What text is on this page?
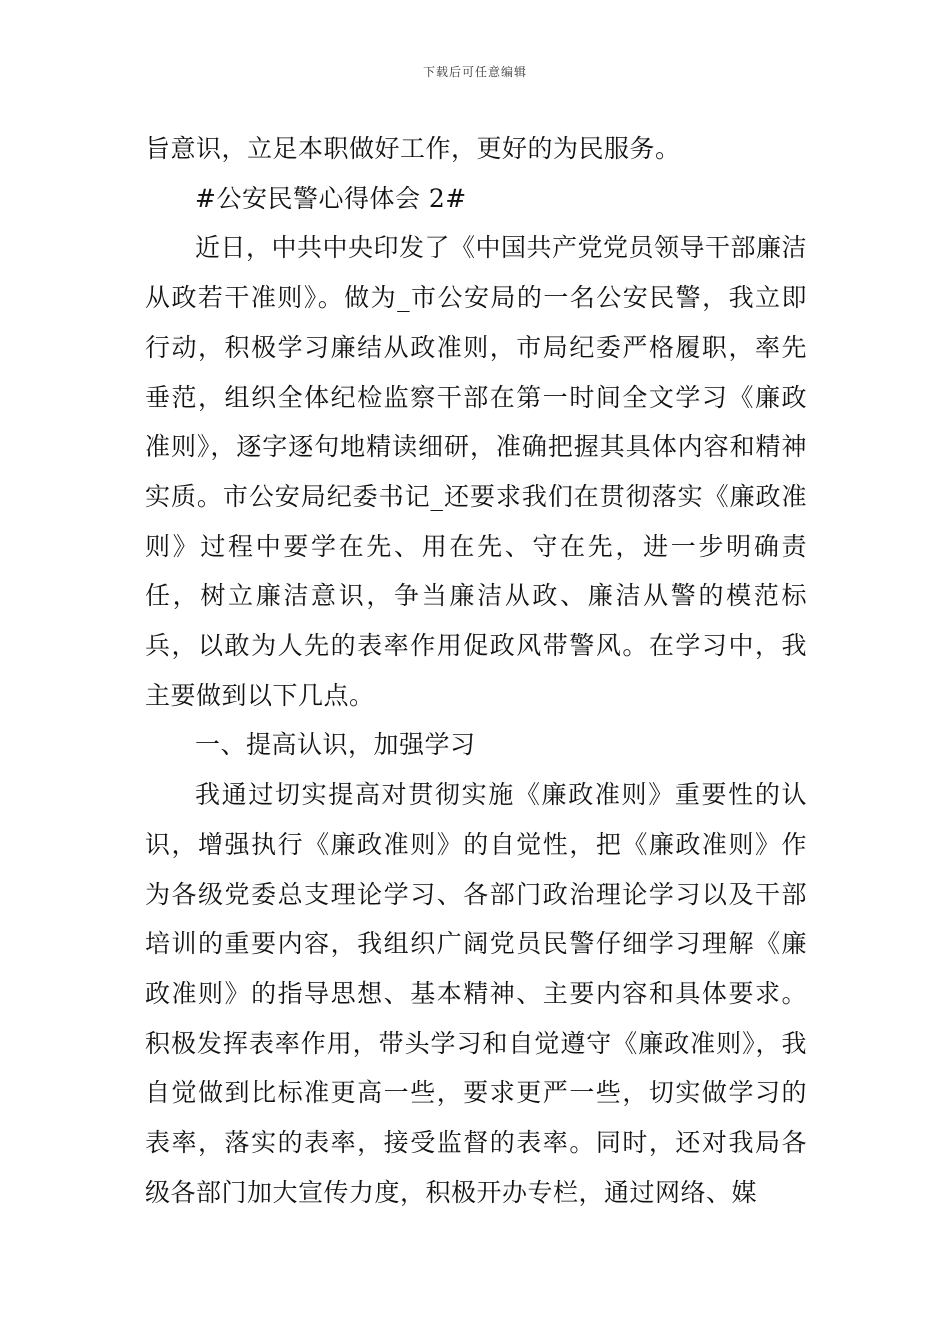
下载后可任意编辑

旨意识，立足本职做好工作，更好的为民服务。

#公安民警心得体会 2#

近日，中共中央印发了《中国共产党党员领导干部廉洁从政若干准则》。做为_市公安局的一名公安民警，我立即行动，积极学习廉结从政准则，市局纪委严格履职，率先垂范，组织全体纪检监察干部在第一时间全文学习《廉政准则》，逐字逐句地精读细研，准确把握其具体内容和精神实质。市公安局纪委书记_还要求我们在贯彻落实《廉政准则》过程中要学在先、用在先、守在先，进一步明确责任，树立廉洁意识，争当廉洁从政、廉洁从警的模范标兵，以敢为人先的表率作用促政风带警风。在学习中，我主要做到以下几点。

一、提高认识，加强学习

我通过切实提高对贯彻实施《廉政准则》重要性的认识，增强执行《廉政准则》的自觉性，把《廉政准则》作为各级党委总支理论学习、各部门政治理论学习以及干部培训的重要内容，我组织广阔党员民警仔细学习理解《廉政准则》的指导思想、基本精神、主要内容和具体要求。积极发挥表率作用，带头学习和自觉遵守《廉政准则》，我自觉做到比标准更高一些，要求更严一些，切实做学习的表率，落实的表率，接受监督的表率。同时，还对我局各级各部门加大宣传力度，积极开办专栏，通过网络、媒
